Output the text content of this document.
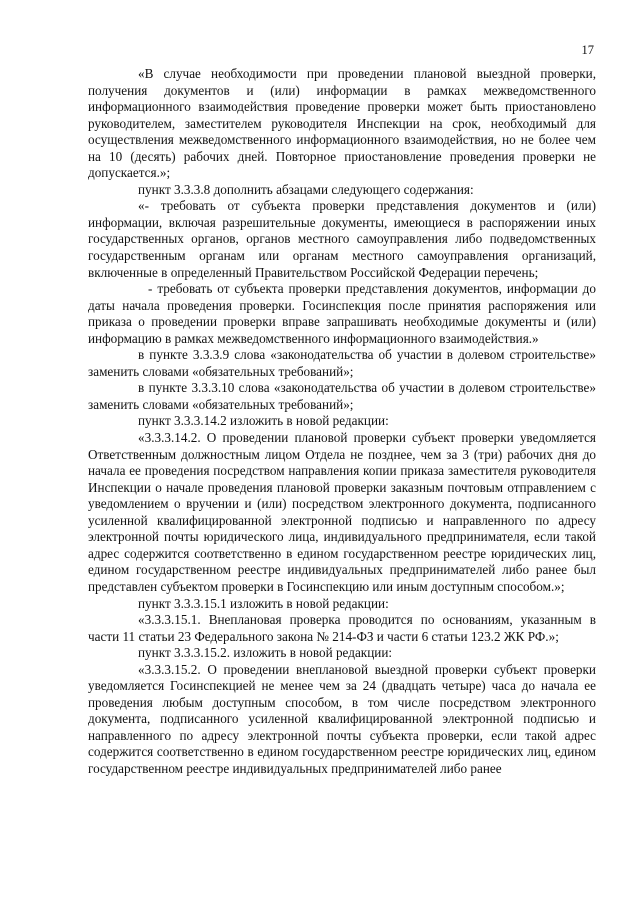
17

«В случае необходимости при проведении плановой выездной проверки, получения документов и (или) информации в рамках межведомственного информационного взаимодействия проведение проверки может быть приостановлено руководителем, заместителем руководителя Инспекции на срок, необходимый для осуществления межведомственного информационного взаимодействия, но не более чем на 10 (десять) рабочих дней. Повторное приостановление проведения проверки не допускается.»;

пункт 3.3.3.8 дополнить абзацами следующего содержания:

«- требовать от субъекта проверки представления документов и (или) информации, включая разрешительные документы, имеющиеся в распоряжении иных государственных органов, органов местного самоуправления либо подведомственных государственным органам или органам местного самоуправления организаций, включенные в определенный Правительством Российской Федерации перечень;

- требовать от субъекта проверки представления документов, информации до даты начала проведения проверки. Госинспекция после принятия распоряжения или приказа о проведении проверки вправе запрашивать необходимые документы и (или) информацию в рамках межведомственного информационного взаимодействия.»

в пункте 3.3.3.9 слова «законодательства об участии в долевом строительстве» заменить словами «обязательных требований»;

в пункте 3.3.3.10 слова «законодательства об участии в долевом строительстве» заменить словами «обязательных требований»;

пункт 3.3.3.14.2 изложить в новой редакции:

«3.3.3.14.2. О проведении плановой проверки субъект проверки уведомляется Ответственным должностным лицом Отдела не позднее, чем за 3 (три) рабочих дня до начала ее проведения посредством направления копии приказа заместителя руководителя Инспекции о начале проведения плановой проверки заказным почтовым отправлением с уведомлением о вручении и (или) посредством электронного документа, подписанного усиленной квалифицированной электронной подписью и направленного по адресу электронной почты юридического лица, индивидуального предпринимателя, если такой адрес содержится соответственно в едином государственном реестре юридических лиц, едином государственном реестре индивидуальных предпринимателей либо ранее был представлен субъектом проверки в Госинспекцию или иным доступным способом.»;

пункт 3.3.3.15.1 изложить в новой редакции:

«3.3.3.15.1. Внеплановая проверка проводится по основаниям, указанным в части 11 статьи 23 Федерального закона № 214-ФЗ и части 6 статьи 123.2 ЖК РФ.»;

пункт 3.3.3.15.2. изложить в новой редакции:

«3.3.3.15.2. О проведении внеплановой выездной проверки субъект проверки уведомляется Госинспекцией не менее чем за 24 (двадцать четыре) часа до начала ее проведения любым доступным способом, в том числе посредством электронного документа, подписанного усиленной квалифицированной электронной подписью и направленного по адресу электронной почты субъекта проверки, если такой адрес содержится соответственно в едином государственном реестре юридических лиц, едином государственном реестре индивидуальных предпринимателей либо ранее
